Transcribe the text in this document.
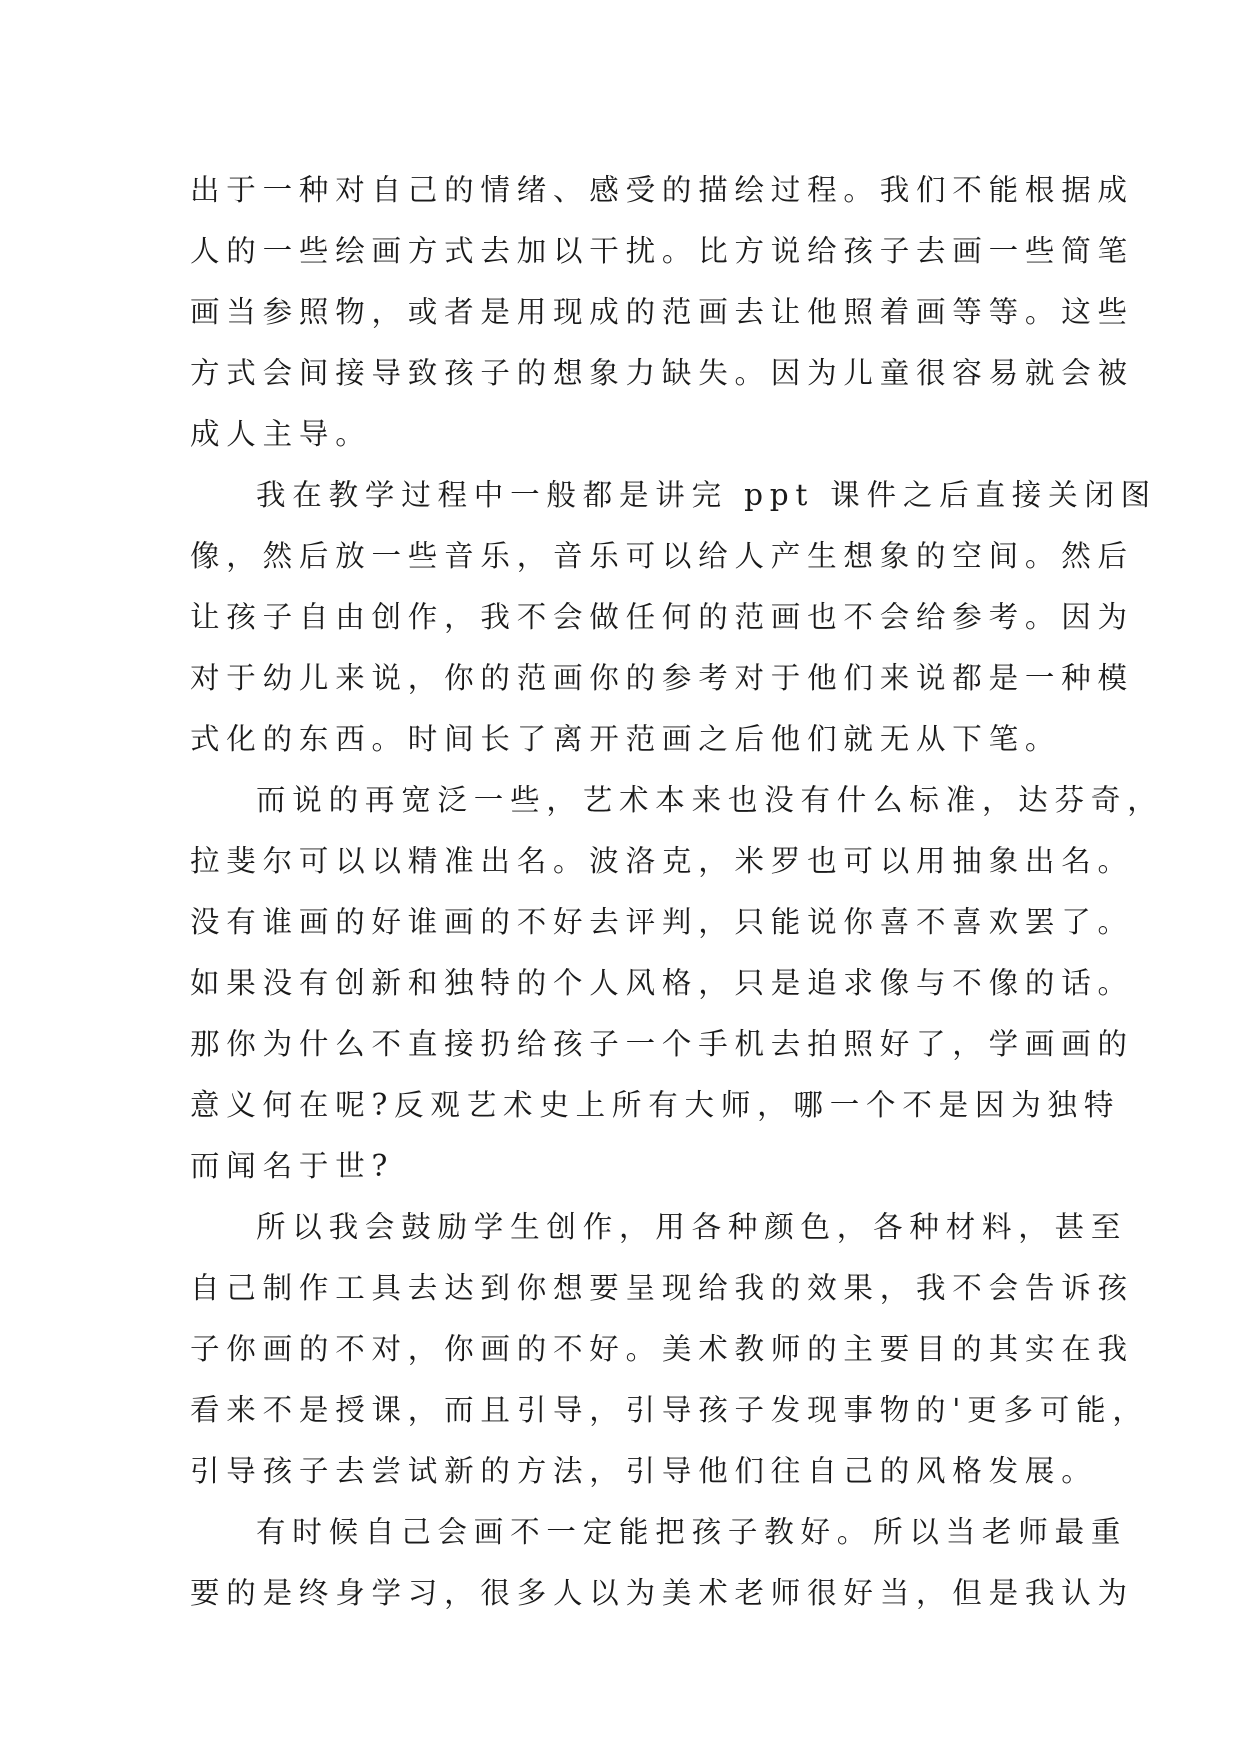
出于一种对自己的情绪、感受的描绘过程。我们不能根据成
人的一些绘画方式去加以干扰。比方说给孩子去画一些简笔
画当参照物，或者是用现成的范画去让他照着画等等。这些
方式会间接导致孩子的想象力缺失。因为儿童很容易就会被
成人主导。
我在教学过程中一般都是讲完 ppt 课件之后直接关闭图
像，然后放一些音乐，音乐可以给人产生想象的空间。然后
让孩子自由创作，我不会做任何的范画也不会给参考。因为
对于幼儿来说，你的范画你的参考对于他们来说都是一种模
式化的东西。时间长了离开范画之后他们就无从下笔。
而说的再宽泛一些，艺术本来也没有什么标准，达芬奇，
拉斐尔可以以精准出名。波洛克，米罗也可以用抽象出名。
没有谁画的好谁画的不好去评判，只能说你喜不喜欢罢了。
如果没有创新和独特的个人风格，只是追求像与不像的话。
那你为什么不直接扔给孩子一个手机去拍照好了，学画画的
意义何在呢?反观艺术史上所有大师，哪一个不是因为独特
而闻名于世?
所以我会鼓励学生创作，用各种颜色，各种材料，甚至
自己制作工具去达到你想要呈现给我的效果，我不会告诉孩
子你画的不对，你画的不好。美术教师的主要目的其实在我
看来不是授课，而且引导，引导孩子发现事物的'更多可能，
引导孩子去尝试新的方法，引导他们往自己的风格发展。
有时候自己会画不一定能把孩子教好。所以当老师最重
要的是终身学习，很多人以为美术老师很好当，但是我认为
